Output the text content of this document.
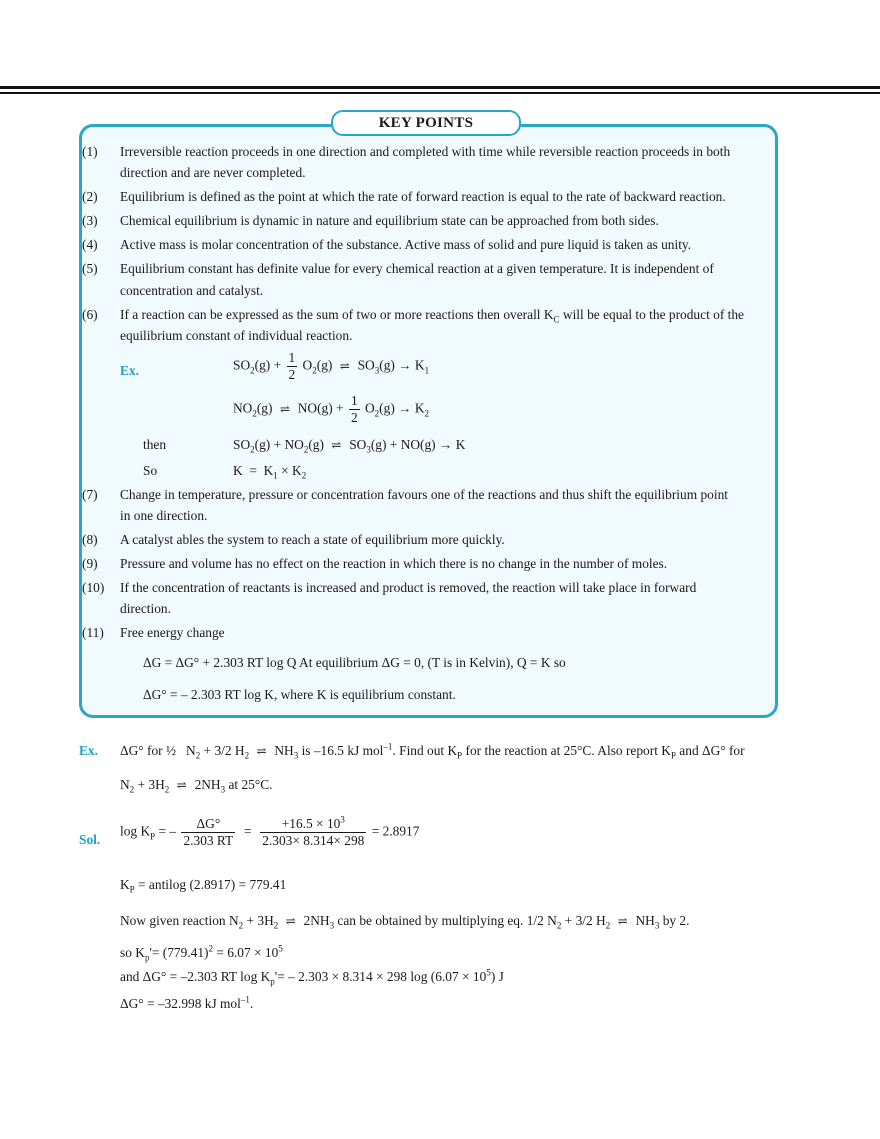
KEY POINTS
(1) Irreversible reaction proceeds in one direction and completed with time while reversible reaction proceeds in both
direction and are never completed.
(2) Equilibrium is defined as the point at which the rate of forward reaction is equal to the rate of backward reaction.
(3) Chemical equilibrium is dynamic in nature and equilibrium state can be approached from both sides.
(4) Active mass is molar concentration of the substance. Active mass of solid and pure liquid is taken as unity.
(5) Equilibrium constant has definite value for every chemical reaction at a given temperature. It is independent of
concentration and catalyst.
(6) If a reaction can be expressed as the sum of two or more reactions then overall $K_C$ will be equal to the product of the
equilibrium constant of individual reaction.
Ex.	$SO_2(g) + \frac{1}{2} O_2(g)$ ⇌ $SO_3(g) \to K_1$
$NO_2(g)$ ⇌ $NO(g) + \frac{1}{2} O_2(g) \to K_2$
then	$SO_2(g) + NO_2(g)$ ⇌ $SO_3(g) + NO(g) \to K$
So	$K = K_1 \times K_2$
(7) Change in temperature, pressure or concentration favours one of the reactions and thus shift the equilibrium point
in one direction.
(8) A catalyst ables the system to reach a state of equilibrium more quickly.
(9) Pressure and volume has no effect on the reaction in which there is no change in the number of moles.
(10) If the concentration of reactants is increased and product is removed, the reaction will take place in forward
direction.
(11) Free energy change
ΔG = ΔG° + 2.303 RT log Q At equilibrium ΔG = 0, (T is in Kelvin), Q = K so
ΔG° = – 2.303 RT log K, where K is equilibrium constant.
Ex. ΔG° for ½   $N_2 + 3/2$ $H_2$ ⇌ $NH_3$ is –16.5 kJ mol$^{-1}$. Find out $K_P$ for the reaction at 25°C. Also report $K_P$ and ΔG° for
$N_2 + 3H_2$ ⇌ $2NH_3$ at 25°C.
Sol.
$\log K_P$ = – $\frac{\Delta G^\circ}{2.303 RT} = \frac{+16.5 \times 10^3}{2.303\times 8.314\times 298} = 2.8917$
$K_P$ = antilog (2.8917) = 779.41
Now given reaction $N_2 + 3H_2$ ⇌ $2NH_3$ can be obtained by multiplying eq. 1/2 $N_2 + 3/2$ $H_2$ ⇌ $NH_3$ by 2.
so $K_p'= (779.41)^2 = 6.07 \times 10^5$
and ΔG° = –2.303 RT $\log K_p'= - 2.303 \times 8.314 \times 298$ $\log (6.07 \times 10^5)$ J
ΔG° = –32.998 kJ mol$^{-1}$.
